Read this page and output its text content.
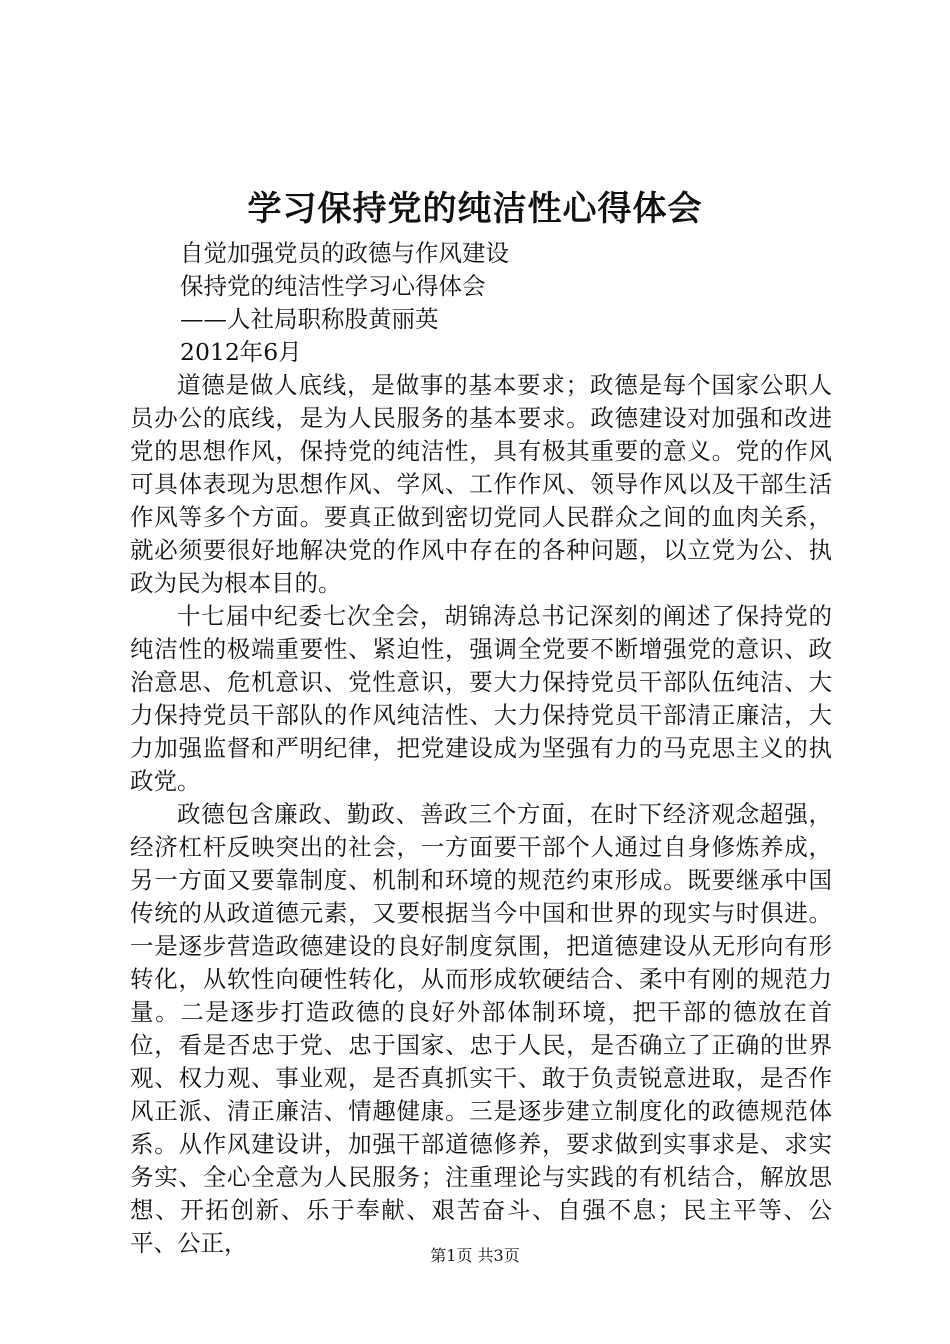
学习保持党的纯洁性心得体会

自觉加强党员的政德与作风建设

保持党的纯洁性学习心得体会

——人社局职称股黄丽英

2012年6月

道德是做人底线，是做事的基本要求；政德是每个国家公职人员办公的底线，是为人民服务的基本要求。政德建设对加强和改进党的思想作风，保持党的纯洁性，具有极其重要的意义。党的作风可具体表现为思想作风、学风、工作作风、领导作风以及干部生活作风等多个方面。要真正做到密切党同人民群众之间的血肉关系，就必须要很好地解决党的作风中存在的各种问题，以立党为公、执政为民为根本目的。

十七届中纪委七次全会，胡锦涛总书记深刻的阐述了保持党的纯洁性的极端重要性、紧迫性，强调全党要不断增强党的意识、政治意思、危机意识、党性意识，要大力保持党员干部队伍纯洁、大力保持党员干部队的作风纯洁性、大力保持党员干部清正廉洁，大力加强监督和严明纪律，把党建设成为坚强有力的马克思主义的执政党。

政德包含廉政、勤政、善政三个方面，在时下经济观念超强，经济杠杆反映突出的社会，一方面要干部个人通过自身修炼养成，另一方面又要靠制度、机制和环境的规范约束形成。既要继承中国传统的从政道德元素，又要根据当今中国和世界的现实与时俱进。一是逐步营造政德建设的良好制度氛围，把道德建设从无形向有形转化，从软性向硬性转化，从而形成软硬结合、柔中有刚的规范力量。二是逐步打造政德的良好外部体制环境，把干部的德放在首位，看是否忠于党、忠于国家、忠于人民，是否确立了正确的世界观、权力观、事业观，是否真抓实干、敢于负责锐意进取，是否作风正派、清正廉洁、情趣健康。三是逐步建立制度化的政德规范体系。从作风建设讲，加强干部道德修养，要求做到实事求是、求实务实、全心全意为人民服务；注重理论与实践的有机结合，解放思想、开拓创新、乐于奉献、艰苦奋斗、自强不息；民主平等、公平、公正，	第1页 共3页
